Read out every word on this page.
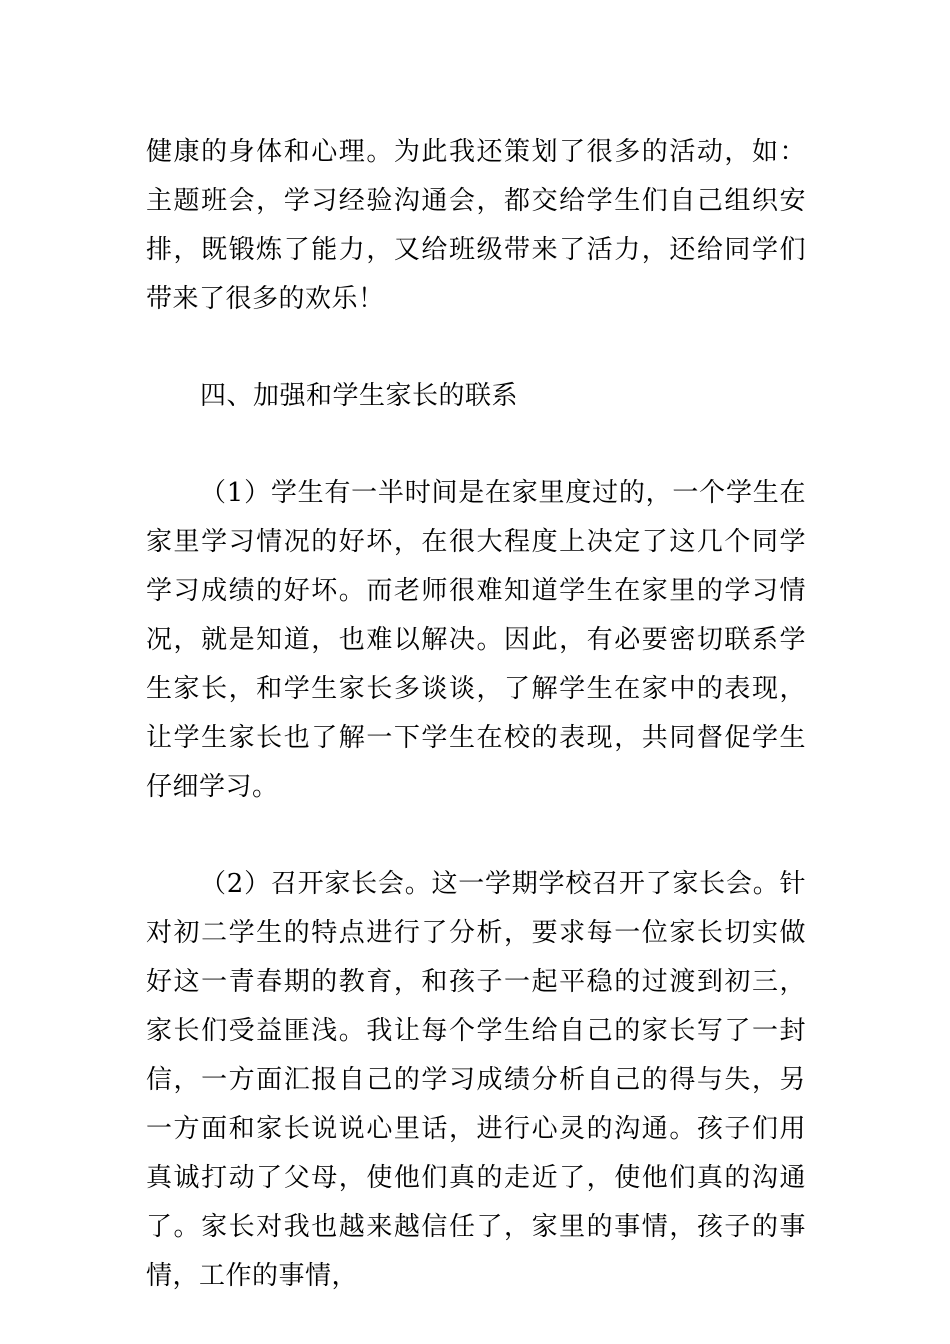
健康的身体和心理。为此我还策划了很多的活动，如：主题班会，学习经验沟通会，都交给学生们自己组织安排，既锻炼了能力，又给班级带来了活力，还给同学们带来了很多的欢乐！

四、加强和学生家长的联系

（1）学生有一半时间是在家里度过的，一个学生在家里学习情况的好坏，在很大程度上决定了这几个同学学习成绩的好坏。而老师很难知道学生在家里的学习情况，就是知道，也难以解决。因此，有必要密切联系学生家长，和学生家长多谈谈，了解学生在家中的表现，让学生家长也了解一下学生在校的表现，共同督促学生仔细学习。

（2）召开家长会。这一学期学校召开了家长会。针对初二学生的特点进行了分析，要求每一位家长切实做好这一青春期的教育，和孩子一起平稳的过渡到初三，家长们受益匪浅。我让每个学生给自己的家长写了一封信，一方面汇报自己的学习成绩分析自己的得与失，另一方面和家长说说心里话，进行心灵的沟通。孩子们用真诚打动了父母，使他们真的走近了，使他们真的沟通了。家长对我也越来越信任了，家里的事情，孩子的事情，工作的事情，
